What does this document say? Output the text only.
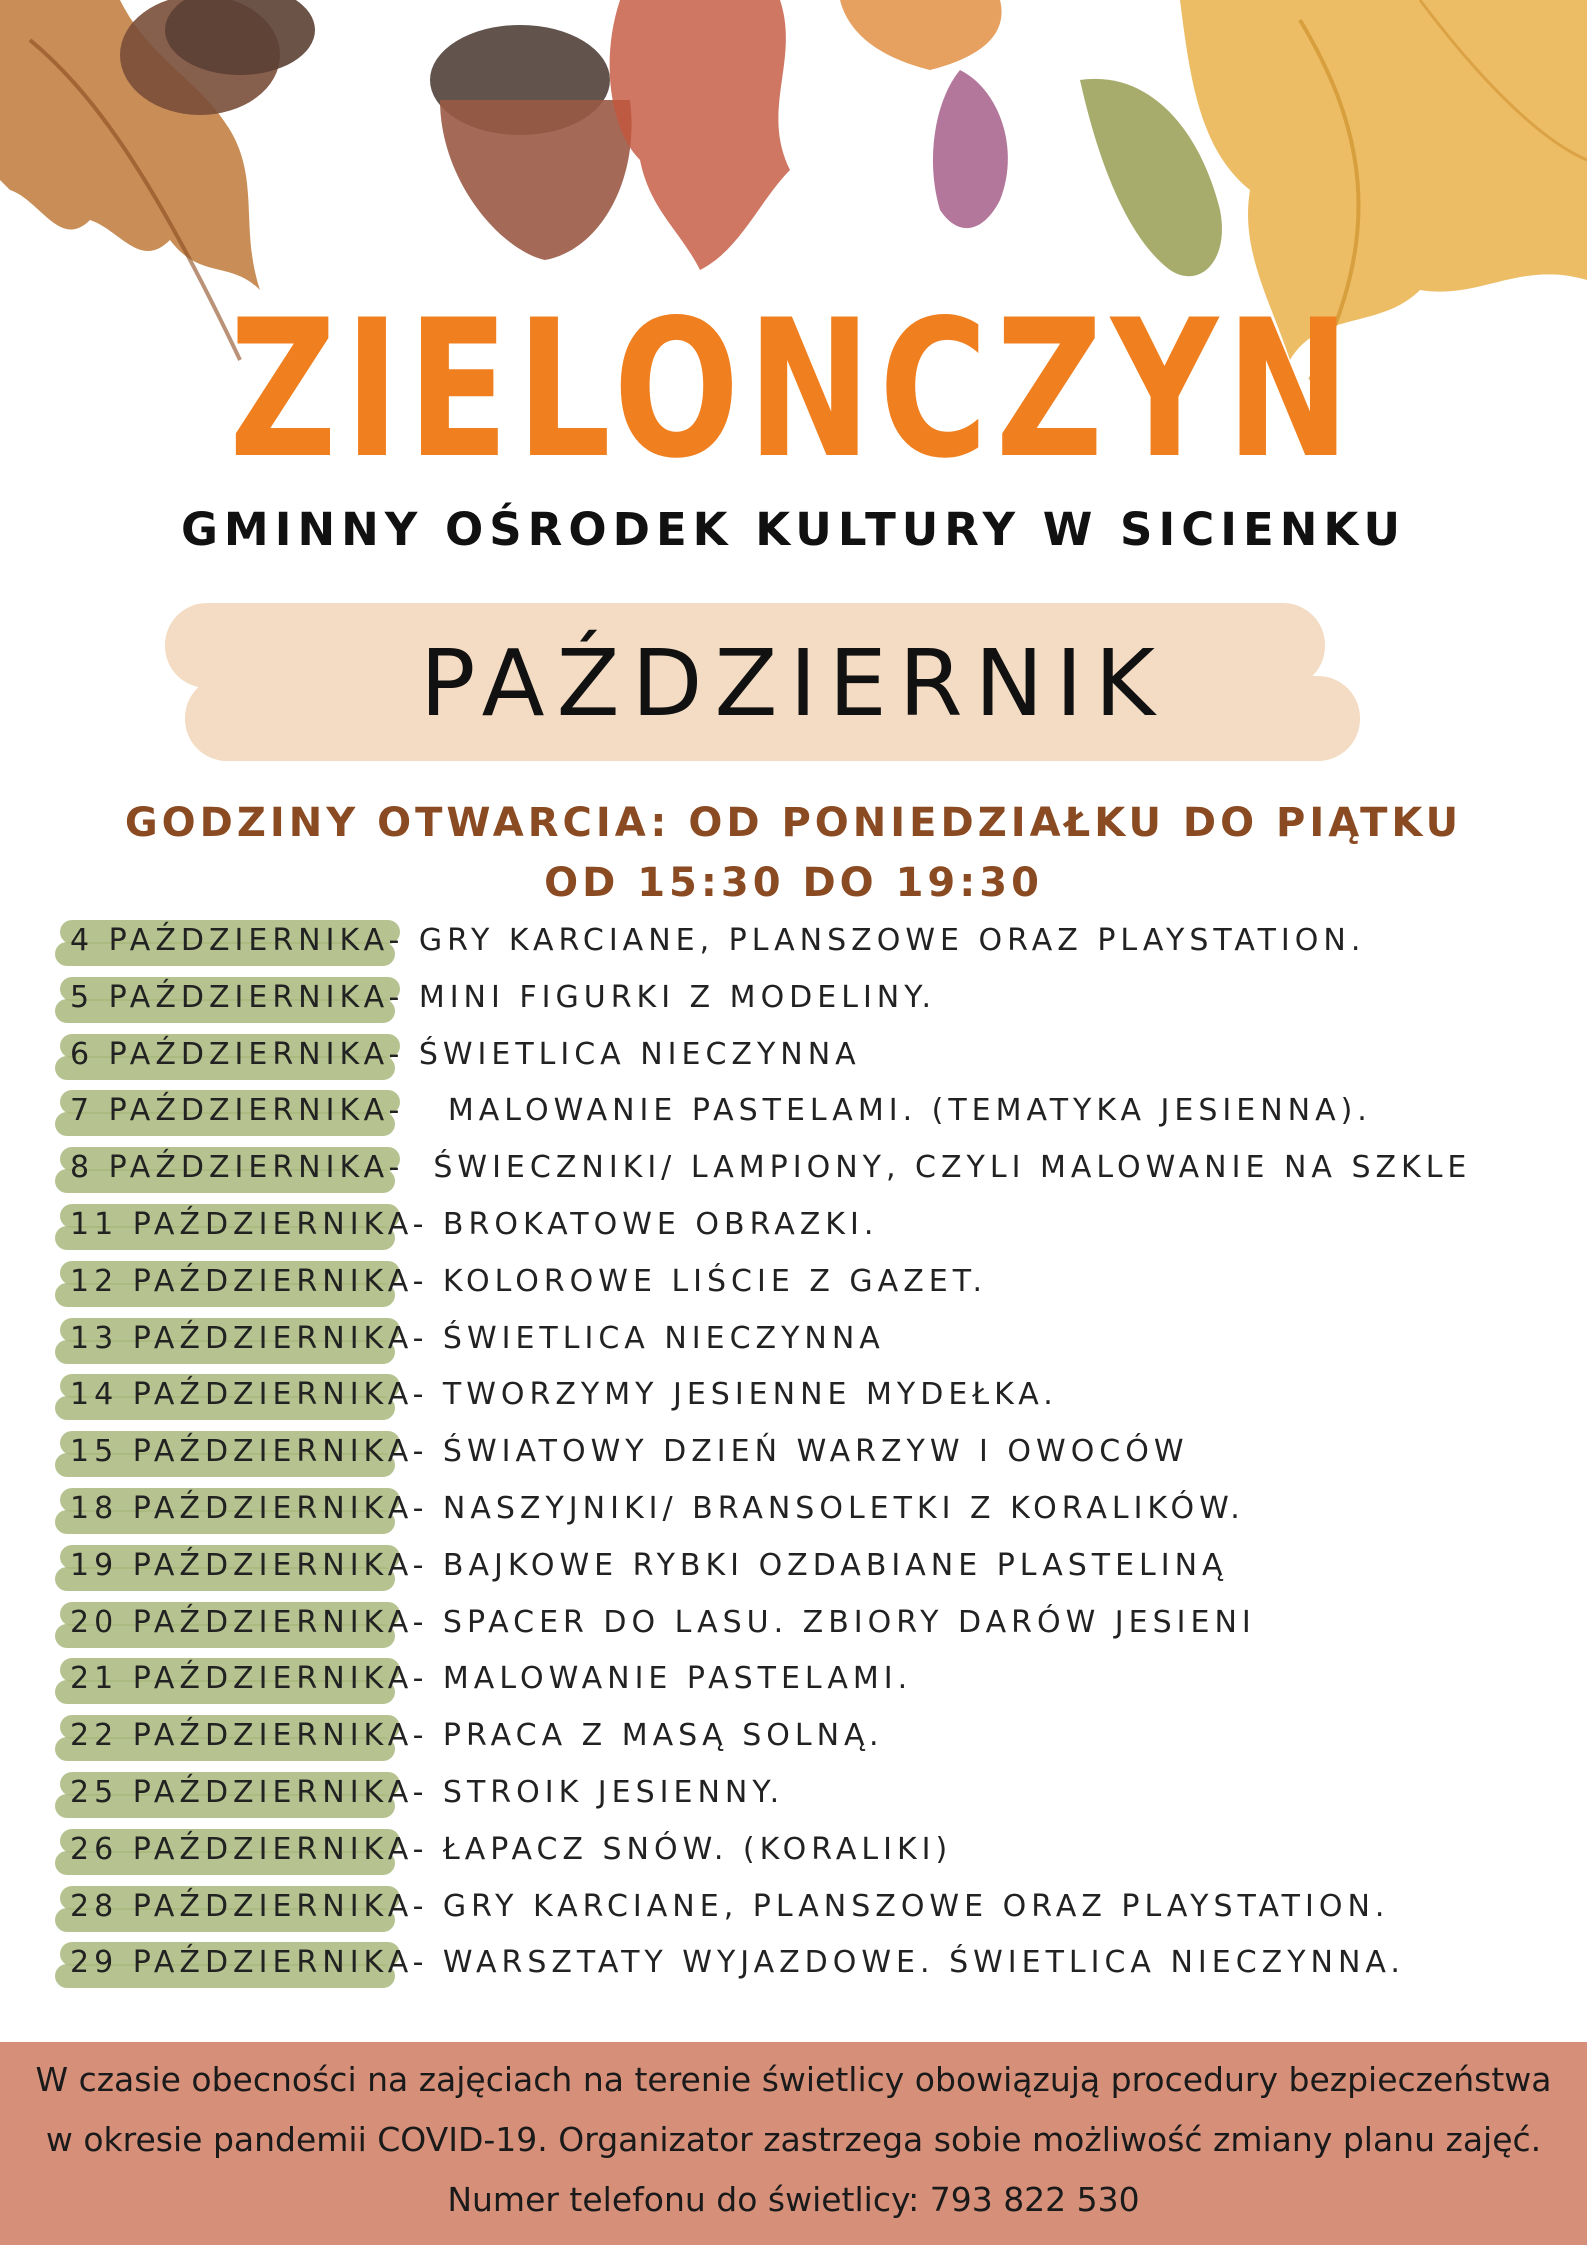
ZIELONCZYN
GMINNY OŚRODEK KULTURY W SICIENKU
PAŹDZIERNIK
GODZINY OTWARCIA: OD PONIEDZIAŁKU DO PIĄTKU
OD 15:30 DO 19:30
4 PAŹDZIERNIKA- GRY KARCIANE, PLANSZOWE ORAZ PLAYSTATION.
5 PAŹDZIERNIKA- MINI FIGURKI Z MODELINY.
6 PAŹDZIERNIKA- ŚWIETLICA NIECZYNNA
7 PAŹDZIERNIKA-   MALOWANIE PASTELAMI. (TEMATYKA JESIENNA).
8 PAŹDZIERNIKA-  ŚWIECZNIKI/ LAMPIONY, CZYLI MALOWANIE NA SZKLE
11 PAŹDZIERNIKA- BROKATOWE OBRAZKI.
12 PAŹDZIERNIKA- KOLOROWE LIŚCIE Z GAZET.
13 PAŹDZIERNIKA- ŚWIETLICA NIECZYNNA
14 PAŹDZIERNIKA- TWORZYMY JESIENNE MYDEŁKA.
15 PAŹDZIERNIKA- ŚWIATOWY DZIEŃ WARZYW I OWOCÓW
18 PAŹDZIERNIKA- NASZYJNIKI/ BRANSOLETKI Z KORALIKÓW.
19 PAŹDZIERNIKA- BAJKOWE RYBKI OZDABIANE PLASTELINĄ
20 PAŹDZIERNIKA- SPACER DO LASU. ZBIORY DARÓW JESIENI
21 PAŹDZIERNIKA- MALOWANIE PASTELAMI.
22 PAŹDZIERNIKA- PRACA Z MASĄ SOLNĄ.
25 PAŹDZIERNIKA- STROIK JESIENNY.
26 PAŹDZIERNIKA- ŁAPACZ SNÓW. (KORALIKI)
28 PAŹDZIERNIKA- GRY KARCIANE, PLANSZOWE ORAZ PLAYSTATION.
29 PAŹDZIERNIKA- WARSZTATY WYJAZDOWE. ŚWIETLICA NIECZYNNA.
W czasie obecności na zajęciach na terenie świetlicy obowiązują procedury bezpieczeństwa
w okresie pandemii COVID-19. Organizator zastrzega sobie możliwość zmiany planu zajęć.
Numer telefonu do świetlicy: 793 822 530
